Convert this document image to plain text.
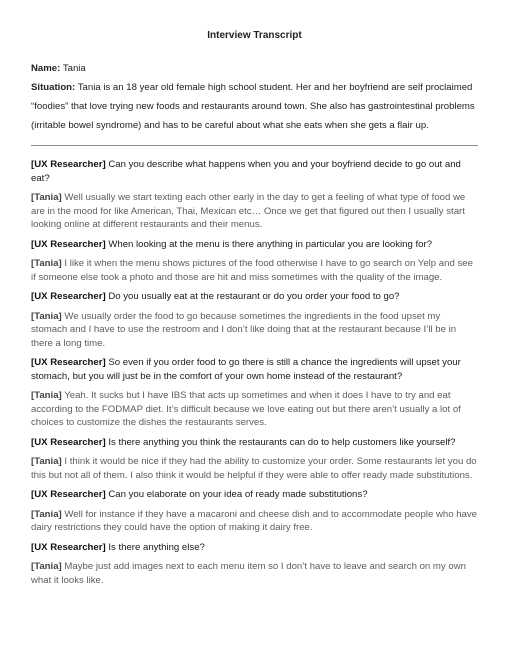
Interview Transcript
Name: Tania
Situation: Tania is an 18 year old female high school student. Her and her boyfriend are self proclaimed “foodies” that love trying new foods and restaurants around town. She also has gastrointestinal problems (irritable bowel syndrome) and has to be careful about what she eats when she gets a flair up.

[UX Researcher] Can you describe what happens when you and your boyfriend decide to go out and eat?

[Tania] Well usually we start texting each other early in the day to get a feeling of what type of food we are in the mood for like American, Thai, Mexican etc… Once we get that figured out then I usually start looking online at different restaurants and their menus.

[UX Researcher] When looking at the menu is there anything in particular you are looking for?

[Tania] I like it when the menu shows pictures of the food otherwise I have to go search on Yelp and see if someone else took a photo and those are hit and miss sometimes with the quality of the image.

[UX Researcher] Do you usually eat at the restaurant or do you order your food to go?

[Tania] We usually order the food to go because sometimes the ingredients in the food upset my stomach and I have to use the restroom and I don’t like doing that at the restaurant because I’ll be in there a long time.

[UX Researcher] So even if you order food to go there is still a chance the ingredients will upset your stomach, but you will just be in the comfort of your own home instead of the restaurant?

[Tania] Yeah. It sucks but I have IBS that acts up sometimes and when it does I have to try and eat according to the FODMAP diet. It’s difficult because we love eating out but there aren’t usually a lot of choices to customize the dishes the restaurants serves.

[UX Researcher] Is there anything you think the restaurants can do to help customers like yourself?

[Tania] I think it would be nice if they had the ability to customize your order. Some restaurants let you do this but not all of them. I also think it would be helpful if they were able to offer ready made substitutions.

[UX Researcher] Can you elaborate on your idea of ready made substitutions?

[Tania] Well for instance if they have a macaroni and cheese dish and to accommodate people who have dairy restrictions they could have the option of making it dairy free.

[UX Researcher] Is there anything else?

[Tania] Maybe just add images next to each menu item so I don’t have to leave and search on my own what it looks like.
